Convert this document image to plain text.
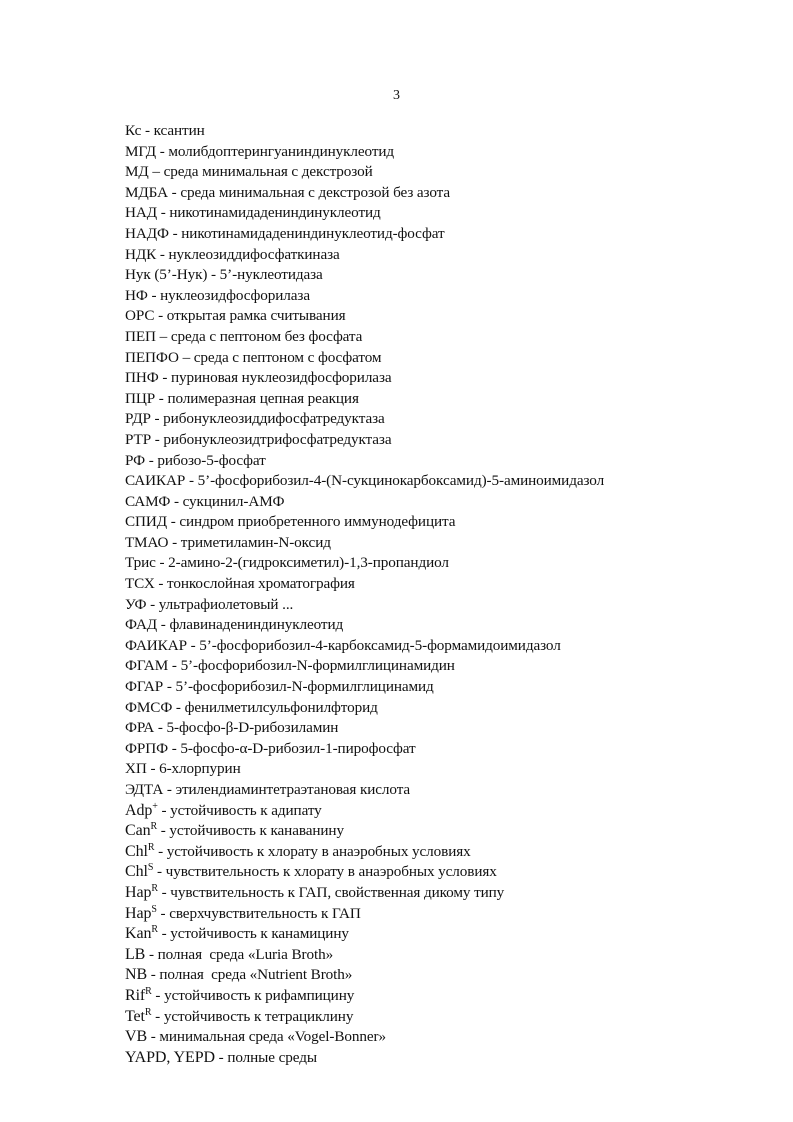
3
Кс - ксантин
МГД - молибдоптерингуаниндинуклеотид
МД – среда минимальная с декстрозой
МДБА - среда минимальная с декстрозой без азота
НАД - никотинамидадениндинуклеотид
НАДФ - никотинамидадениндинуклеотид-фосфат
НДК - нуклеозиддифосфаткиназа
Нук (5’-Нук) - 5’-нуклеотидаза
НФ - нуклеозидфосфорилаза
ОРС - открытая рамка считывания
ПЕП – среда с пептоном без фосфата
ПЕПФО – среда с пептоном с фосфатом
ПНФ - пуриновая нуклеозидфосфорилаза
ПЦР - полимеразная цепная реакция
РДР - рибонуклеозиддифосфатредуктаза
РТР - рибонуклеозидтрифосфатредуктаза
РФ - рибозо-5-фосфат
САИКАР - 5’-фосфорибозил-4-(N-сукцинокарбоксамид)-5-аминоимидазол
САМФ - сукцинил-АМФ
СПИД - синдром приобретенного иммунодефицита
ТМАО - триметиламин-N-оксид
Трис - 2-амино-2-(гидроксиметил)-1,3-пропандиол
ТСХ - тонкослойная хроматография
УФ - ультрафиолетовый ...
ФАД - флавинадениндинуклеотид
ФАИКАР - 5’-фосфорибозил-4-карбоксамид-5-формамидоимидазол
ФГАМ - 5’-фосфорибозил-N-формилглицинамидин
ФГАР - 5’-фосфорибозил-N-формилглицинамид
ФМСФ - фенилметилсульфонилфторид
ФРА - 5-фосфо-β-D-рибозиламин
ФРПФ - 5-фосфо-α-D-рибозил-1-пирофосфат
ХП - 6-хлорпурин
ЭДТА - этилендиаминтетраэтановая кислота
Adp+ - устойчивость к адипату
Can$^R$ - устойчивость к канаванину
Chl$^R$ - устойчивость к хлорату в анаэробных условиях
Chl$^S$ - чувствительность к хлорату в анаэробных условиях
Hap$^R$ - чувствительность к ГАП, свойственная дикому типу
Hap$^S$ - сверхчувствительность к ГАП
Kan$^R$ - устойчивость к канамицину
LB - полная  среда «Luria Broth»
NB - полная  среда «Nutrient Broth»
Rif$^R$ - устойчивость к рифампицину
Tet$^R$ - устойчивость к тетрациклину
VB - минимальная среда «Vogel-Bonner»
YAPD, YEPD - полные среды
